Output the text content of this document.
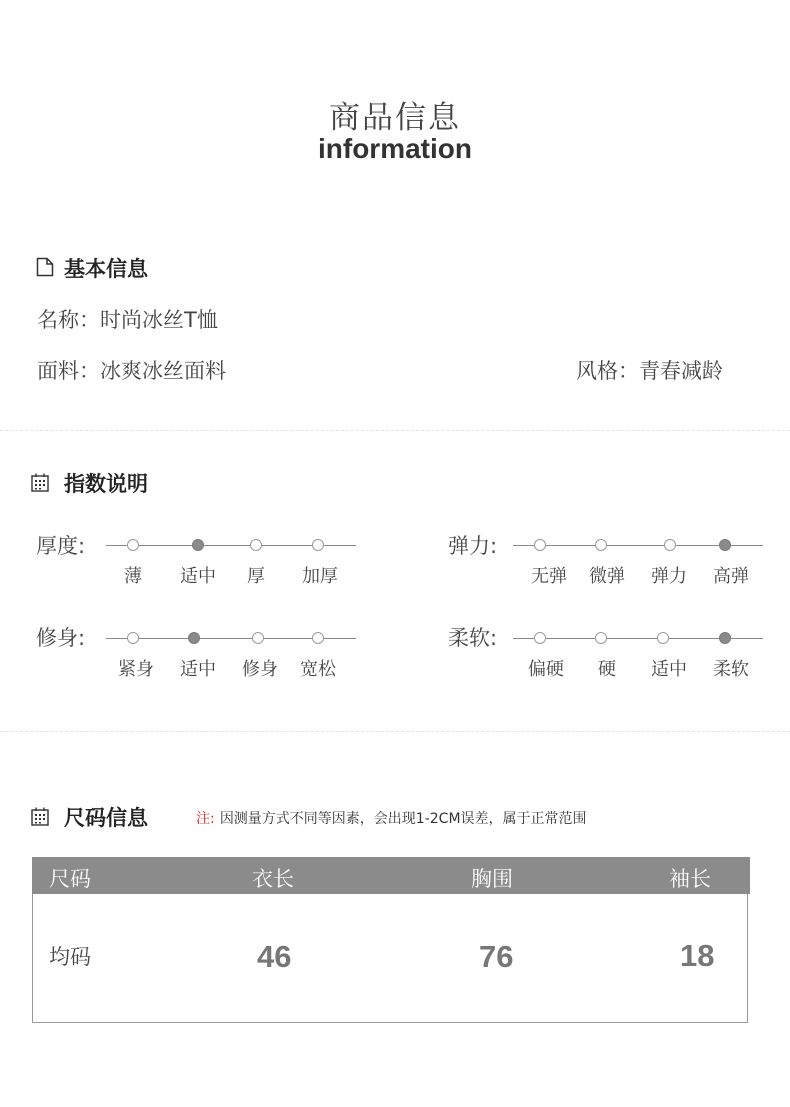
商品信息
information
基本信息
名称：时尚冰丝T恤
面料：冰爽冰丝面料	风格：青春减龄
指数说明
厚度:
薄	适中	厚	加厚
弹力:
无弹	微弹	弹力	高弹
修身:
紧身	适中	修身	宽松
柔软:
偏硬	硬	适中	柔软
尺码信息	注: 因测量方式不同等因素，会出现1-2CM误差，属于正常范围
尺码	衣长	胸围	袖长
均码	46	76	18
